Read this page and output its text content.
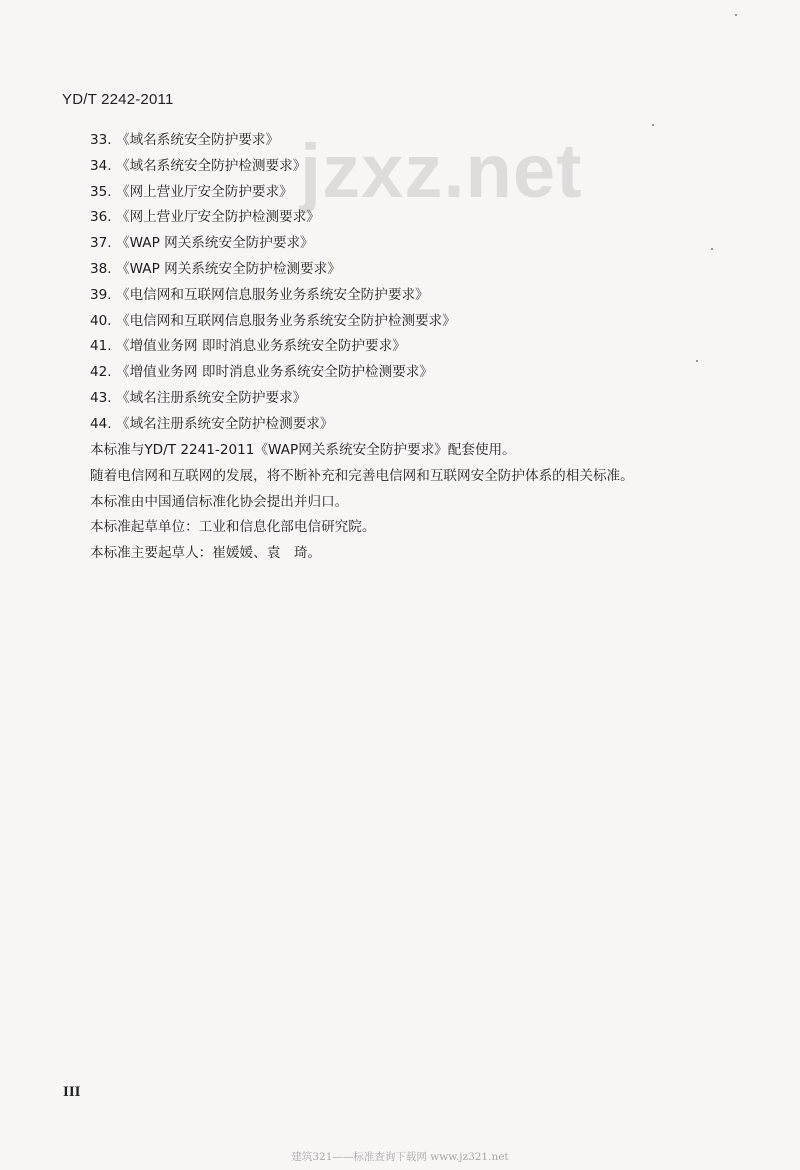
YD/T 2242-2011
jzxz.net
33. 《域名系统安全防护要求》
34. 《域名系统安全防护检测要求》
35. 《网上营业厅安全防护要求》
36. 《网上营业厅安全防护检测要求》
37. 《WAP 网关系统安全防护要求》
38. 《WAP 网关系统安全防护检测要求》
39. 《电信网和互联网信息服务业务系统安全防护要求》
40. 《电信网和互联网信息服务业务系统安全防护检测要求》
41. 《增值业务网 即时消息业务系统安全防护要求》
42. 《增值业务网 即时消息业务系统安全防护检测要求》
43. 《域名注册系统安全防护要求》
44. 《域名注册系统安全防护检测要求》

本标准与YD/T 2241-2011《WAP网关系统安全防护要求》配套使用。

随着电信网和互联网的发展，将不断补充和完善电信网和互联网安全防护体系的相关标准。

本标准由中国通信标准化协会提出并归口。

本标准起草单位：工业和信息化部电信研究院。

本标准主要起草人：崔媛媛、袁　琦。

III
建筑321——标准查询下载网 www.jz321.net
